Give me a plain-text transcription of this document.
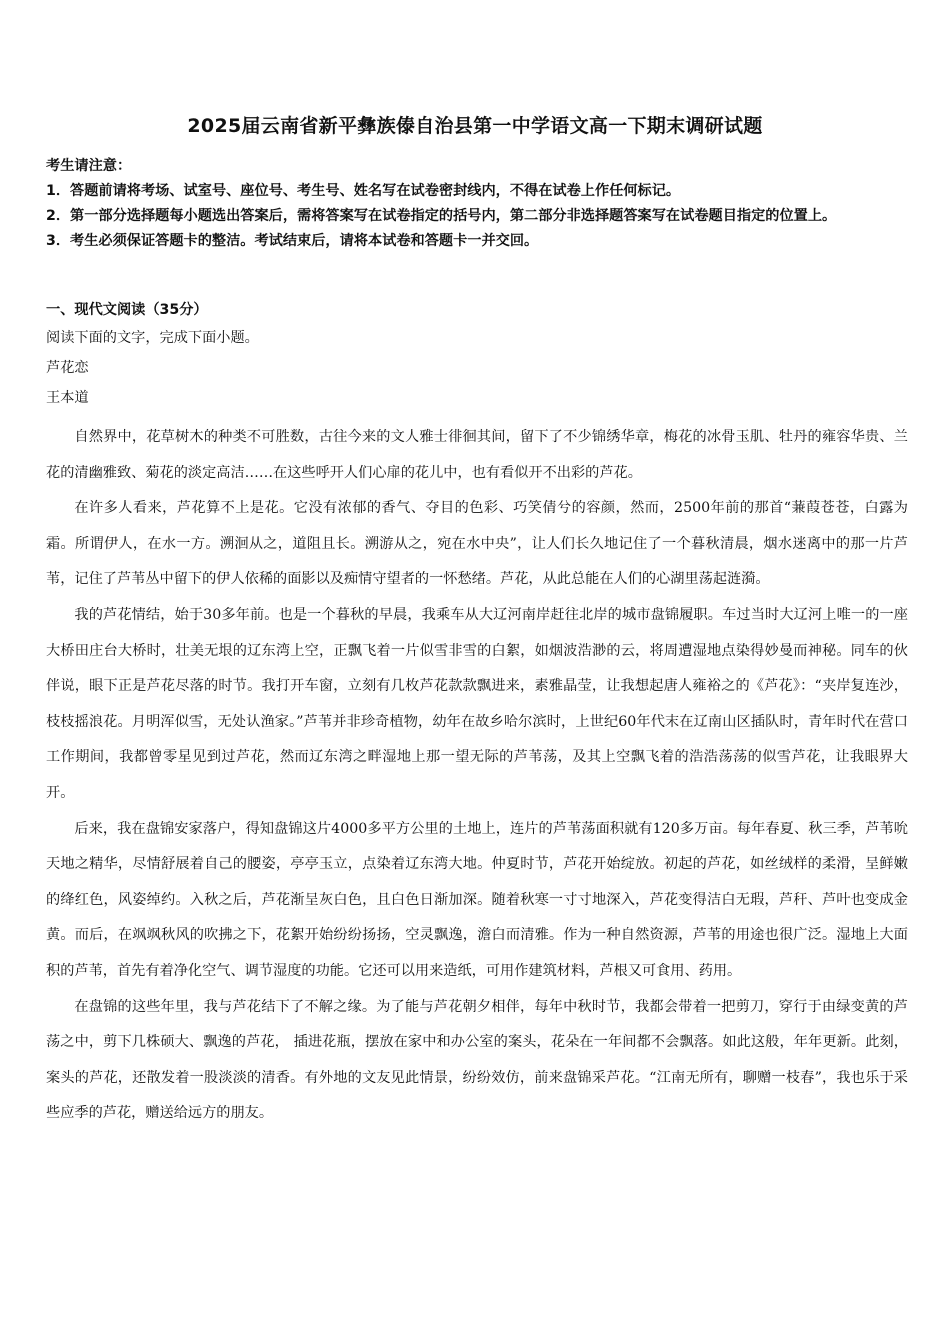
2025届云南省新平彝族傣自治县第一中学语文高一下期末调研试题

考生请注意：

1．答题前请将考场、试室号、座位号、考生号、姓名写在试卷密封线内，不得在试卷上作任何标记。

2．第一部分选择题每小题选出答案后，需将答案写在试卷指定的括号内，第二部分非选择题答案写在试卷题目指定的位置上。

3．考生必须保证答题卡的整洁。考试结束后，请将本试卷和答题卡一并交回。

一、现代文阅读（35分）

阅读下面的文字，完成下面小题。

芦花恋

王本道

自然界中，花草树木的种类不可胜数，古往今来的文人雅士徘徊其间，留下了不少锦绣华章，梅花的冰骨玉肌、牡丹的雍容华贵、兰花的清幽雅致、菊花的淡定高洁……在这些呼开人们心扉的花儿中，也有看似开不出彩的芦花。

在许多人看来，芦花算不上是花。它没有浓郁的香气、夺目的色彩、巧笑倩兮的容颜，然而，2500年前的那首“蒹葭苍苍，白露为霜。所谓伊人，在水一方。溯洄从之，道阻且长。溯游从之，宛在水中央”，让人们长久地记住了一个暮秋清晨，烟水迷离中的那一片芦苇，记住了芦苇丛中留下的伊人依稀的面影以及痴情守望者的一怀愁绪。芦花，从此总能在人们的心湖里荡起涟漪。

我的芦花情结，始于30多年前。也是一个暮秋的早晨，我乘车从大辽河南岸赶往北岸的城市盘锦履职。车过当时大辽河上唯一的一座大桥田庄台大桥时，壮美无垠的辽东湾上空，正飘飞着一片似雪非雪的白絮，如烟波浩渺的云，将周遭湿地点染得妙曼而神秘。同车的伙伴说，眼下正是芦花尽落的时节。我打开车窗，立刻有几枚芦花款款飘进来，素雅晶莹，让我想起唐人雍裕之的《芦花》：“夹岸复连沙，枝枝摇浪花。月明浑似雪，无处认渔家。”芦苇并非珍奇植物，幼年在故乡哈尔滨时，上世纪60年代末在辽南山区插队时，青年时代在营口工作期间，我都曾零星见到过芦花，然而辽东湾之畔湿地上那一望无际的芦苇荡，及其上空飘飞着的浩浩荡荡的似雪芦花，让我眼界大开。

后来，我在盘锦安家落户，得知盘锦这片4000多平方公里的土地上，连片的芦苇荡面积就有120多万亩。每年春夏、秋三季，芦苇吮天地之精华，尽情舒展着自己的腰姿，亭亭玉立，点染着辽东湾大地。仲夏时节，芦花开始绽放。初起的芦花，如丝绒样的柔滑，呈鲜嫩的绛红色，风姿绰约。入秋之后，芦花渐呈灰白色，且白色日渐加深。随着秋寒一寸寸地深入，芦花变得洁白无瑕，芦秆、芦叶也变成金黄。而后，在飒飒秋风的吹拂之下，花絮开始纷纷扬扬，空灵飘逸，澹白而清雅。作为一种自然资源，芦苇的用途也很广泛。湿地上大面积的芦苇，首先有着净化空气、调节湿度的功能。它还可以用来造纸，可用作建筑材料，芦根又可食用、药用。

在盘锦的这些年里，我与芦花结下了不解之缘。为了能与芦花朝夕相伴，每年中秋时节，我都会带着一把剪刀，穿行于由绿变黄的芦荡之中，剪下几株硕大、飘逸的芦花， 插进花瓶，摆放在家中和办公室的案头，花朵在一年间都不会飘落。如此这般，年年更新。此刻，案头的芦花，还散发着一股淡淡的清香。有外地的文友见此情景，纷纷效仿，前来盘锦采芦花。“江南无所有，聊赠一枝春”，我也乐于采些应季的芦花，赠送给远方的朋友。
